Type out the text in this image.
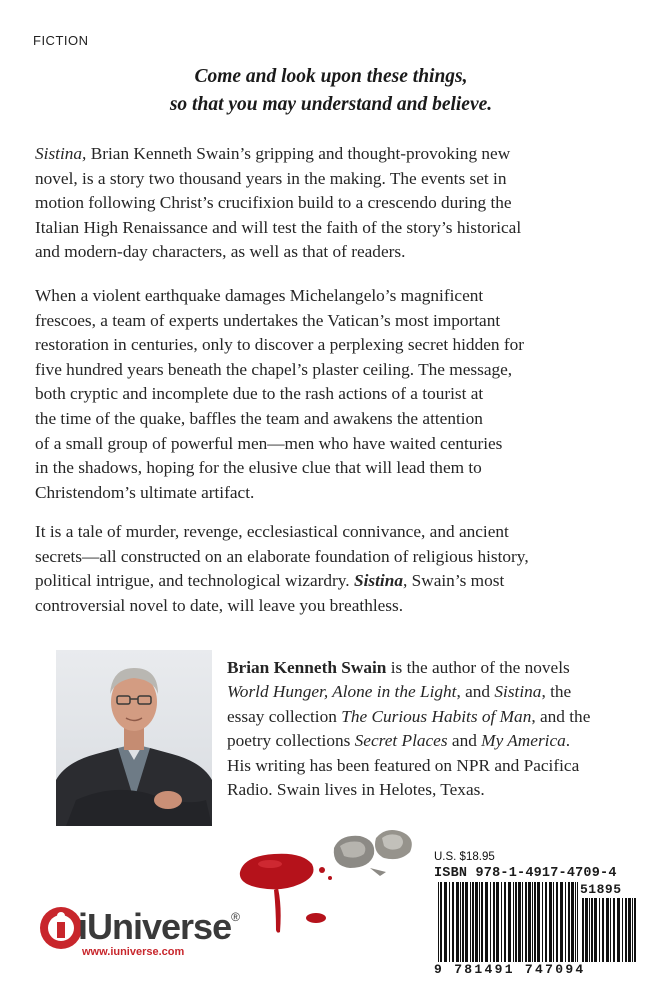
FICTION
Come and look upon these things,
so that you may understand and believe.
Sistina, Brian Kenneth Swain’s gripping and thought-provoking new
novel, is a story two thousand years in the making. The events set in
motion following Christ’s crucifixion build to a crescendo during the
Italian High Renaissance and will test the faith of the story’s historical
and modern-day characters, as well as that of readers.
When a violent earthquake damages Michelangelo’s magnificent
frescoes, a team of experts undertakes the Vatican’s most important
restoration in centuries, only to discover a perplexing secret hidden for
five hundred years beneath the chapel’s plaster ceiling. The message,
both cryptic and incomplete due to the rash actions of a tourist at
the time of the quake, baffles the team and awakens the attention
of a small group of powerful men—men who have waited centuries
in the shadows, hoping for the elusive clue that will lead them to
Christendom’s ultimate artifact.
It is a tale of murder, revenge, ecclesiastical connivance, and ancient
secrets—all constructed on an elaborate foundation of religious history,
political intrigue, and technological wizardry. Sistina, Swain’s most
controversial novel to date, will leave you breathless.
Brian Kenneth Swain is the author of the novels
World Hunger, Alone in the Light, and Sistina, the
essay collection The Curious Habits of Man, and the
poetry collections Secret Places and My America.
His writing has been featured on NPR and Pacifica
Radio. Swain lives in Helotes, Texas.
U.S. $18.95
ISBN 978-1-4917-4709-4
51895
9 781491 747094
iUniverse®
www.iuniverse.com
